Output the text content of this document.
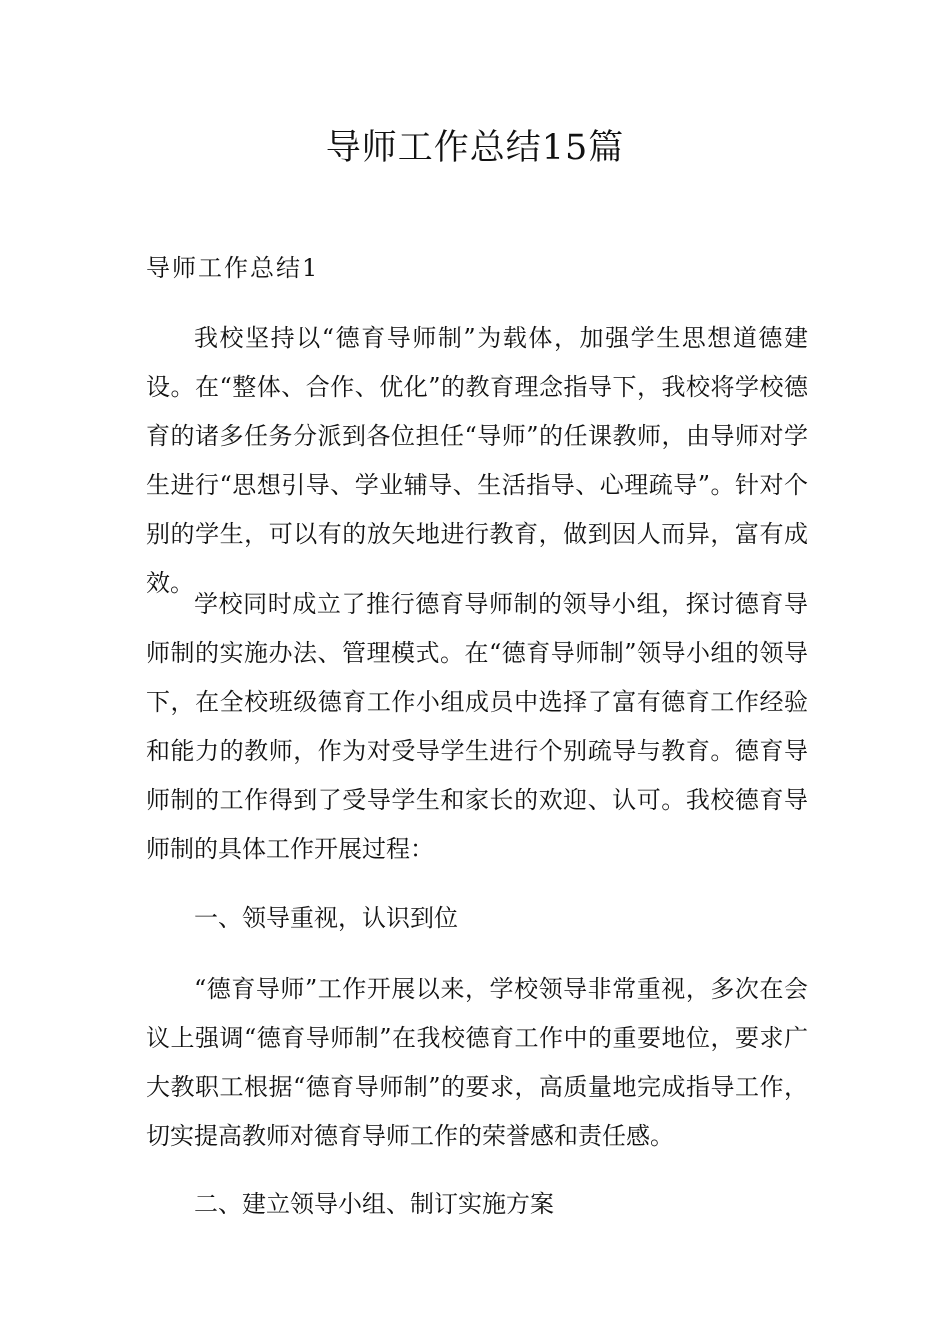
导师工作总结15篇
导师工作总结1

我校坚持以“德育导师制”为载体，加强学生思想道德建设。在“整体、合作、优化”的教育理念指导下，我校将学校德育的诸多任务分派到各位担任“导师”的任课教师，由导师对学生进行“思想引导、学业辅导、生活指导、心理疏导”。针对个别的学生，可以有的放矢地进行教育，做到因人而异，富有成效。

学校同时成立了推行德育导师制的领导小组，探讨德育导师制的实施办法、管理模式。在“德育导师制”领导小组的领导下，在全校班级德育工作小组成员中选择了富有德育工作经验和能力的教师，作为对受导学生进行个别疏导与教育。德育导师制的工作得到了受导学生和家长的欢迎、认可。我校德育导师制的具体工作开展过程：

一、领导重视，认识到位

“德育导师”工作开展以来，学校领导非常重视，多次在会议上强调“德育导师制”在我校德育工作中的重要地位，要求广大教职工根据“德育导师制”的要求，高质量地完成指导工作，切实提高教师对德育导师工作的荣誉感和责任感。

二、建立领导小组、制订实施方案
